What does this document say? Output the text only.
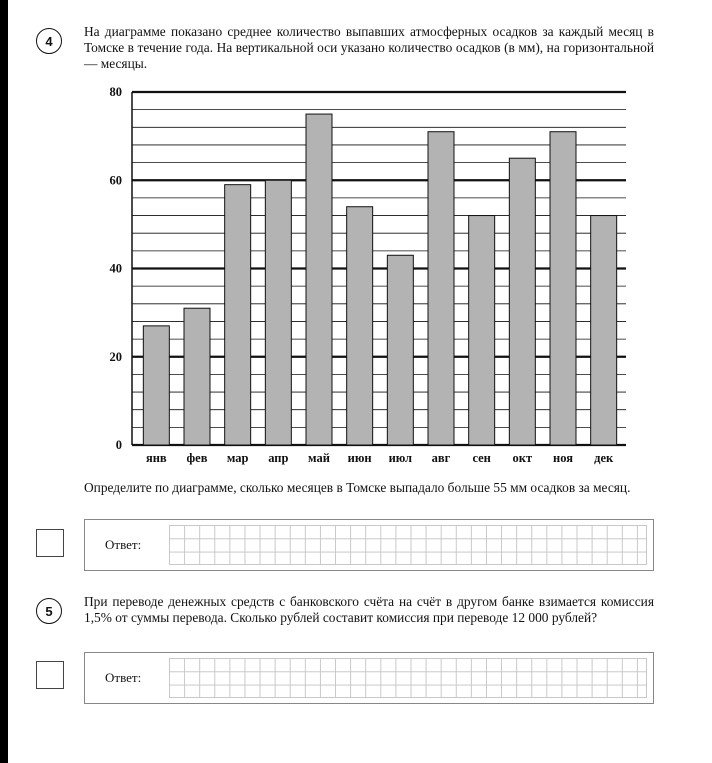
4
На диаграмме показано среднее количество выпавших атмосферных осадков за каждый месяц в Томске в течение года. На вертикальной оси указано количество осадков (в мм), на горизонтальной — месяцы.
0
20
40
60
80
янв фев мар апр май июн июл авг сен окт ноя дек
Определите по диаграмме, сколько месяцев в Томске выпадало больше 55 мм осадков за месяц.
Ответ:
5
При переводе денежных средств с банковского счёта на счёт в другом банке взимается комиссия 1,5% от суммы перевода. Сколько рублей составит комиссия при переводе 12 000 рублей?
Ответ:
